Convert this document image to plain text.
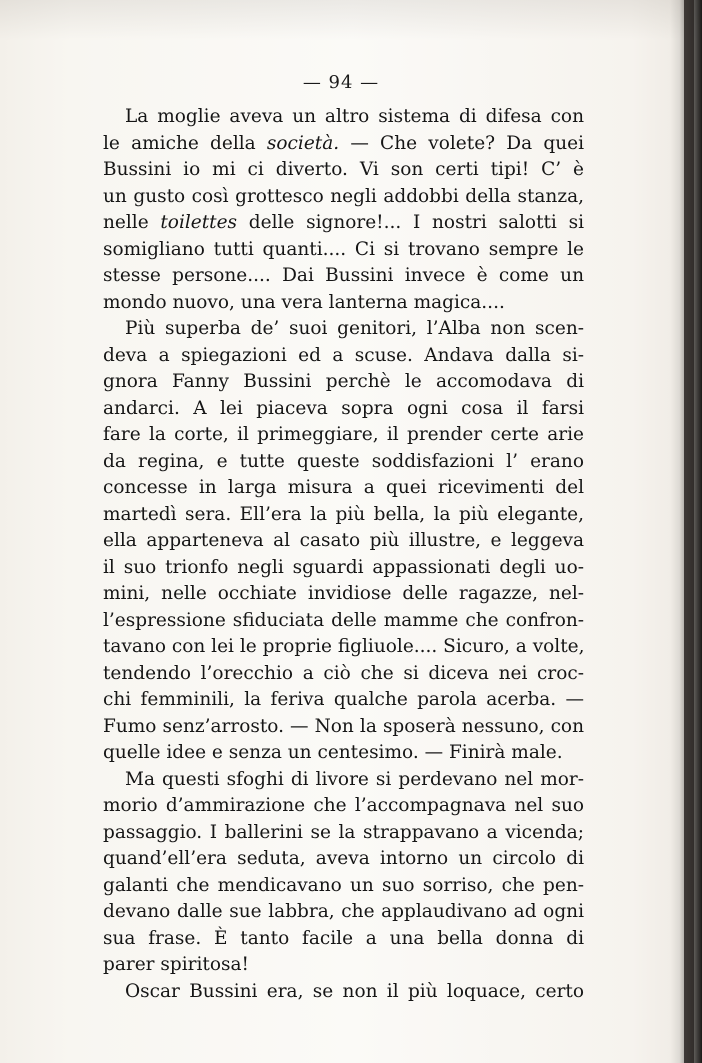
— 94 —
La moglie aveva un altro sistema di difesa con
le amiche della società. — Che volete? Da quei
Bussini io mi ci diverto. Vi son certi tipi! C’ è
un gusto così grottesco negli addobbi della stanza,
nelle toilettes delle signore!... I nostri salotti si
somigliano tutti quanti.... Ci si trovano sempre le
stesse persone.... Dai Bussini invece è come un
mondo nuovo, una vera lanterna magica....
Più superba de’ suoi genitori, l’Alba non scen-
deva a spiegazioni ed a scuse. Andava dalla si-
gnora Fanny Bussini perchè le accomodava di
andarci. A lei piaceva sopra ogni cosa il farsi
fare la corte, il primeggiare, il prender certe arie
da regina, e tutte queste soddisfazioni l’ erano
concesse in larga misura a quei ricevimenti del
martedì sera. Ell’era la più bella, la più elegante,
ella apparteneva al casato più illustre, e leggeva
il suo trionfo negli sguardi appassionati degli uo-
mini, nelle occhiate invidiose delle ragazze, nel-
l’espressione sfiduciata delle mamme che confron-
tavano con lei le proprie figliuole.... Sicuro, a volte,
tendendo l’orecchio a ciò che si diceva nei croc-
chi femminili, la feriva qualche parola acerba. —
Fumo senz’arrosto. — Non la sposerà nessuno, con
quelle idee e senza un centesimo. — Finirà male.
Ma questi sfoghi di livore si perdevano nel mor-
morio d’ammirazione che l’accompagnava nel suo
passaggio. I ballerini se la strappavano a vicenda;
quand’ell’era seduta, aveva intorno un circolo di
galanti che mendicavano un suo sorriso, che pen-
devano dalle sue labbra, che applaudivano ad ogni
sua frase. È tanto facile a una bella donna di
parer spiritosa!
Oscar Bussini era, se non il più loquace, certo
